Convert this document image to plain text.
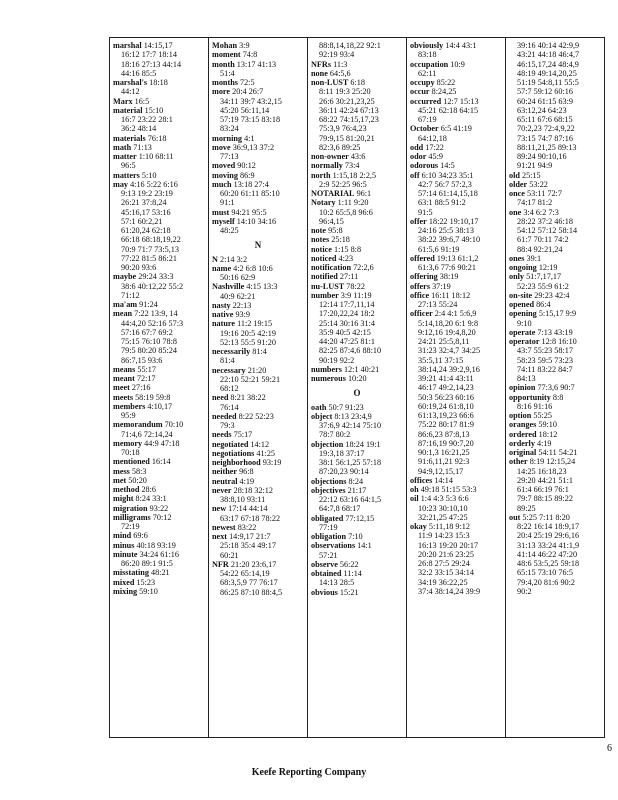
marshal 14:15,17
16:12 17:7 18:14
18:16 27:13 44:14
44:16 85:5
marshal's 18:18
44:12
Marx 16:5
material 15:10
16:7 23:22 28:1
36:2 48:14
materials 76:18
math 71:13
matter 1:10 68:11
96:5
matters 5:10
may 4:16 5:22 6:16
9:13 19:2 23:19
26:21 37:8,24
45:16,17 53:16
57:1 60:2,21
61:20,24 62:18
66:18 68:18,19,22
70:9 71:7 73:5,13
77:22 81:5 86:21
90:20 93:6
maybe 29:24 33:3
38:6 40:12,22 55:2
71:12
ma'am 91:24
mean 7:22 13:9, 14
44:4,20 52:16 57:3
57:16 67:7 69:2
75:15 76:10 78:8
79:5 80:20 85:24
86:7,15 93:6
means 55:17
meant 72:17
meet 27:16
meets 58:19 59:8
members 4:10,17
95:9
memorandum 70:10
71:4,6 72:14,24
memory 44:9 47:18
70:18
mentioned 16:14
mess 58:3
met 50:20
method 28:6
might 8:24 33:1
migration 93:22
milligrams 70:12
72:19
mind 69:6
minus 40:18 93:19
minute 34:24 61:16
86:20 89:1 91:5
misstating 48:21
mixed 15:23
mixing 59:10
Mohan 3:9
moment 74:8
month 13:17 41:13
51:4
months 72:5
more 20:4 26:7
34:11 39:7 43:2,15
45:20 56:11,14
57:19 73:15 83:18
83:24
morning 4:1
move 36:9,13 37:2
77:13
moved 90:12
moving 86:9
much 13:18 27:4
60:20 61:11 85:10
91:1
must 94:21 95:5
myself 14:10 34:16
48:25
N
N 2:14 3:2
name 4:2 6:8 10:6
50:16 62:9
Nashville 4:15 13:3
40:9 62:21
nasty 22:13
native 93:9
nature 11:2 19:15
19:16 20:5 42:19
52:13 55:5 91:20
necessarily 81:4
81:4
necessary 21:20
22:10 52:21 59:21
68:12
need 8:21 38:22
76:14
needed 8:22 52:23
79:3
needs 75:17
negotiated 14:12
negotiations 41:25
neighborhood 93:19
neither 96:8
neutral 4:19
never 28:18 32:12
38:8,10 93:11
new 17:14 44:14
63:17 67:18 78:22
newest 83:22
next 14:9,17 21:7
25:18 35:4 49:17
60:21
NFR 21:20 23:6,17
54:22 65:14,19
68:3,5,9 77 76:17
86:25 87:10 88:4,5
88:8,14,18,22 92:1
92:19 93:4
NFRs 11:3
none 64:5,6
non-LUST 6:18
8:11 19:3 25:20
26:6 30:21,23,25
36:11 42:24 67:13
68:22 74:15,17,23
75:3,9 76:4,23
79:9,15 81:20,21
82:3,6 89:25
non-owner 43:6
normally 73:4
north 1:15,18 2:2,5
2:9 52:25 96:5
NOTARIAL 96:1
Notary 1:11 9:20
10:2 65:5,8 96:6
96:4,15
note 95:8
notes 25:18
notice 1:15 8:8
noticed 4:23
notification 72:2,6
notified 27:11
nu-LUST 78:22
number 3:9 11:19
12:14 17:7,11,14
17:20,22,24 18:2
25:14 30:16 31:4
35:9 40:5 42:15
44:20 47:25 81:1
82:25 87:4,6 88:10
90:19 92:2
numbers 12:1 40:21
numerous 10:20
O
oath 50:7 91:23
object 8:13 23:4,9
37:6,9 42:14 75:10
78:7 80:2
objection 18:24 19:1
19:3,18 37:17
38:1 56:1,25 57:18
87:20,23 90:14
objections 8:24
objectives 21:17
22:12 63:16 64:1,5
64:7,8 68:17
obligated 77:12,15
77:19
obligation 7:10
observations 14:1
57:21
observe 56:22
obtained 11:14
14:13 28:5
obvious 15:21
obviously 14:4 43:1
83:18
occupation 10:9
62:11
occupy 85:22
occur 8:24,25
occurred 12:7 15:13
45:21 62:18 64:15
67:19
October 6:5 41:19
64:12,18
odd 17:22
odor 45:9
odorous 14:5
off 6:10 34:23 35:1
42:7 56:7 57:2,3
57:14 61:14,15,18
63:1 88:5 91:2
91:5
offer 18:22 19:10,17
24:16 25:5 38:13
38:22 39:6,7 49:10
61:5,6 91:19
offered 19:13 61:1,2
61:3,6 77:6 90:21
offering 38:19
offers 37:19
office 16:11 18:12
27:13 55:24
officer 2:4 4:1 5:6,9
5:14,18,20 6:1 9:8
9:12,16 19:4,8,20
24:21 25:5,8,11
31:23 32:4,7 34:25
35:5,11 37:15
38:14,24 39:2,9,16
39:21 41:4 43:11
46:17 49:2,14,23
50:3 56:23 60:16
60:19,24 61:8,10
61:13,19,23 66:6
75:22 80:17 81:9
86:6,23 87:8,13
87:16,19 90:7,20
90:1,3 16:21,25
91:6,11,21 92:3
94:9,12,15,17
offices 14:14
oh 49:18 51:15 53:3
oil 1:4 4:3 5:3 6:6
10:23 30:10,10
32:21,25 47:25
okay 5:11,18 9:12
11:9 14:23 15:3
16:13 19:20 20:17
20:20 21:6 23:25
26:8 27:5 29:24
32:2 33:15 34:14
34:19 36:22,25
37:4 38:14,24 39:9
39:16 40:14 42:9,9
43:21 44:18 46:4,7
46:15,17,24 48:4,9
48:19 49:14,20,25
51:19 54:8,11 55:5
57:7 59:12 60:16
60:24 61:15 63:9
63:12,24 64:23
65:11 67:6 68:15
70:2,23 72:4,9,22
73:15 74:7 87:16
88:11,21,25 89:13
89:24 90:10,16
91:21 94:9
old 25:15
older 53:22
once 53:11 72:7
74:17 81:2
one 3:4 6:2 7:3
28:22 37:2 46:18
54:12 57:12 58:14
61:7 70:11 74:2
88:4 92:21,24
ones 39:1
ongoing 12:19
only 51:7,17,17
52:23 55:9 61:2
on-site 29:23 42:4
opened 86:4
opening 5:15,17 9:9
9:10
operate 7:13 43:19
operator 12:8 16:10
43:7 55:23 58:17
58:23 59:5 73:23
74:11 83:22 84:7
84:13
opinion 77:3,6 90:7
opportunity 8:8
8:16 91:16
option 55:25
oranges 59:10
ordered 18:12
orderly 4:19
original 54:11 54:21
other 8:19 12:15,24
14:25 16:18,23
29:20 44:21 51:1
61:4 66:19 76:1
79:7 88:15 89:22
89:25
out 5:25 7:11 8:20
8:22 16:14 18:9,17
20:4 25:19 29:6,16
31:13 33:24 41:1,9
41:14 46:22 47:20
48:6 53:5,25 59:18
65:15 73:10 76:5
79:4,20 81:6 90:2
90:2
6
Keefe Reporting Company
